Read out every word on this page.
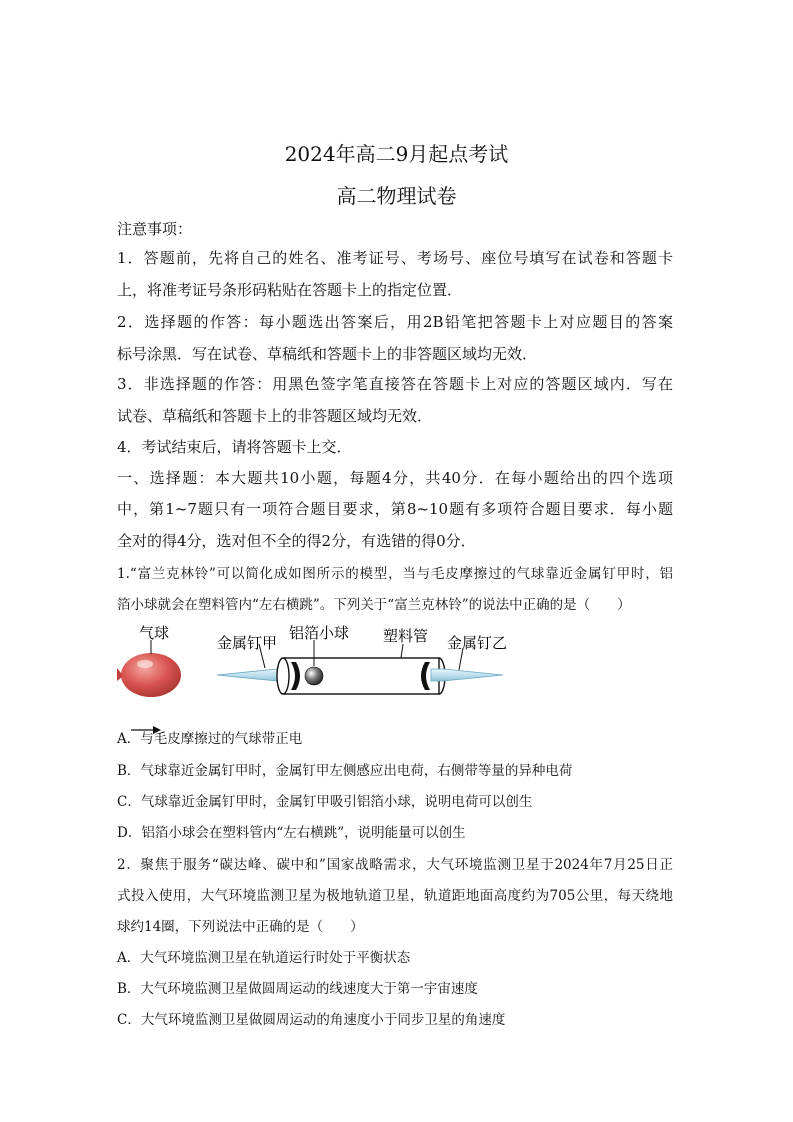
2024年高二9月起点考试
高二物理试卷
注意事项：
1．答题前，先将自己的姓名、准考证号、考场号、座位号填写在试卷和答题卡
上，将准考证号条形码粘贴在答题卡上的指定位置．
2．选择题的作答：每小题选出答案后，用2B铅笔把答题卡上对应题目的答案
标号涂黑．写在试卷、草稿纸和答题卡上的非答题区域均无效．
3．非选择题的作答：用黑色签字笔直接答在答题卡上对应的答题区域内．写在
试卷、草稿纸和答题卡上的非答题区域均无效．
4．考试结束后，请将答题卡上交．
一、选择题：本大题共10小题，每题4分，共40分．在每小题给出的四个选项
中，第1~7题只有一项符合题目要求，第8~10题有多项符合题目要求．每小题
全对的得4分，选对但不全的得2分，有选错的得0分．
1.“富兰克林铃”可以简化成如图所示的模型，当与毛皮摩擦过的气球靠近金属钉甲时，铝
箔小球就会在塑料管内“左右横跳”。下列关于“富兰克林铃”的说法中正确的是（　　）
气球
金属钉甲
铝箔小球 塑料管 金属钉乙
A．与毛皮摩擦过的气球带正电
B．气球靠近金属钉甲时，金属钉甲左侧感应出电荷，右侧带等量的异种电荷
C．气球靠近金属钉甲时，金属钉甲吸引铝箔小球，说明电荷可以创生
D．铝箔小球会在塑料管内“左右横跳”，说明能量可以创生
2．聚焦于服务“碳达峰、碳中和”国家战略需求，大气环境监测卫星于2024年7月25日正
式投入使用，大气环境监测卫星为极地轨道卫星，轨道距地面高度约为705公里，每天绕地
球约14圈，下列说法中正确的是（　　）
A．大气环境监测卫星在轨道运行时处于平衡状态
B．大气环境监测卫星做圆周运动的线速度大于第一宇宙速度
C．大气环境监测卫星做圆周运动的角速度小于同步卫星的角速度
